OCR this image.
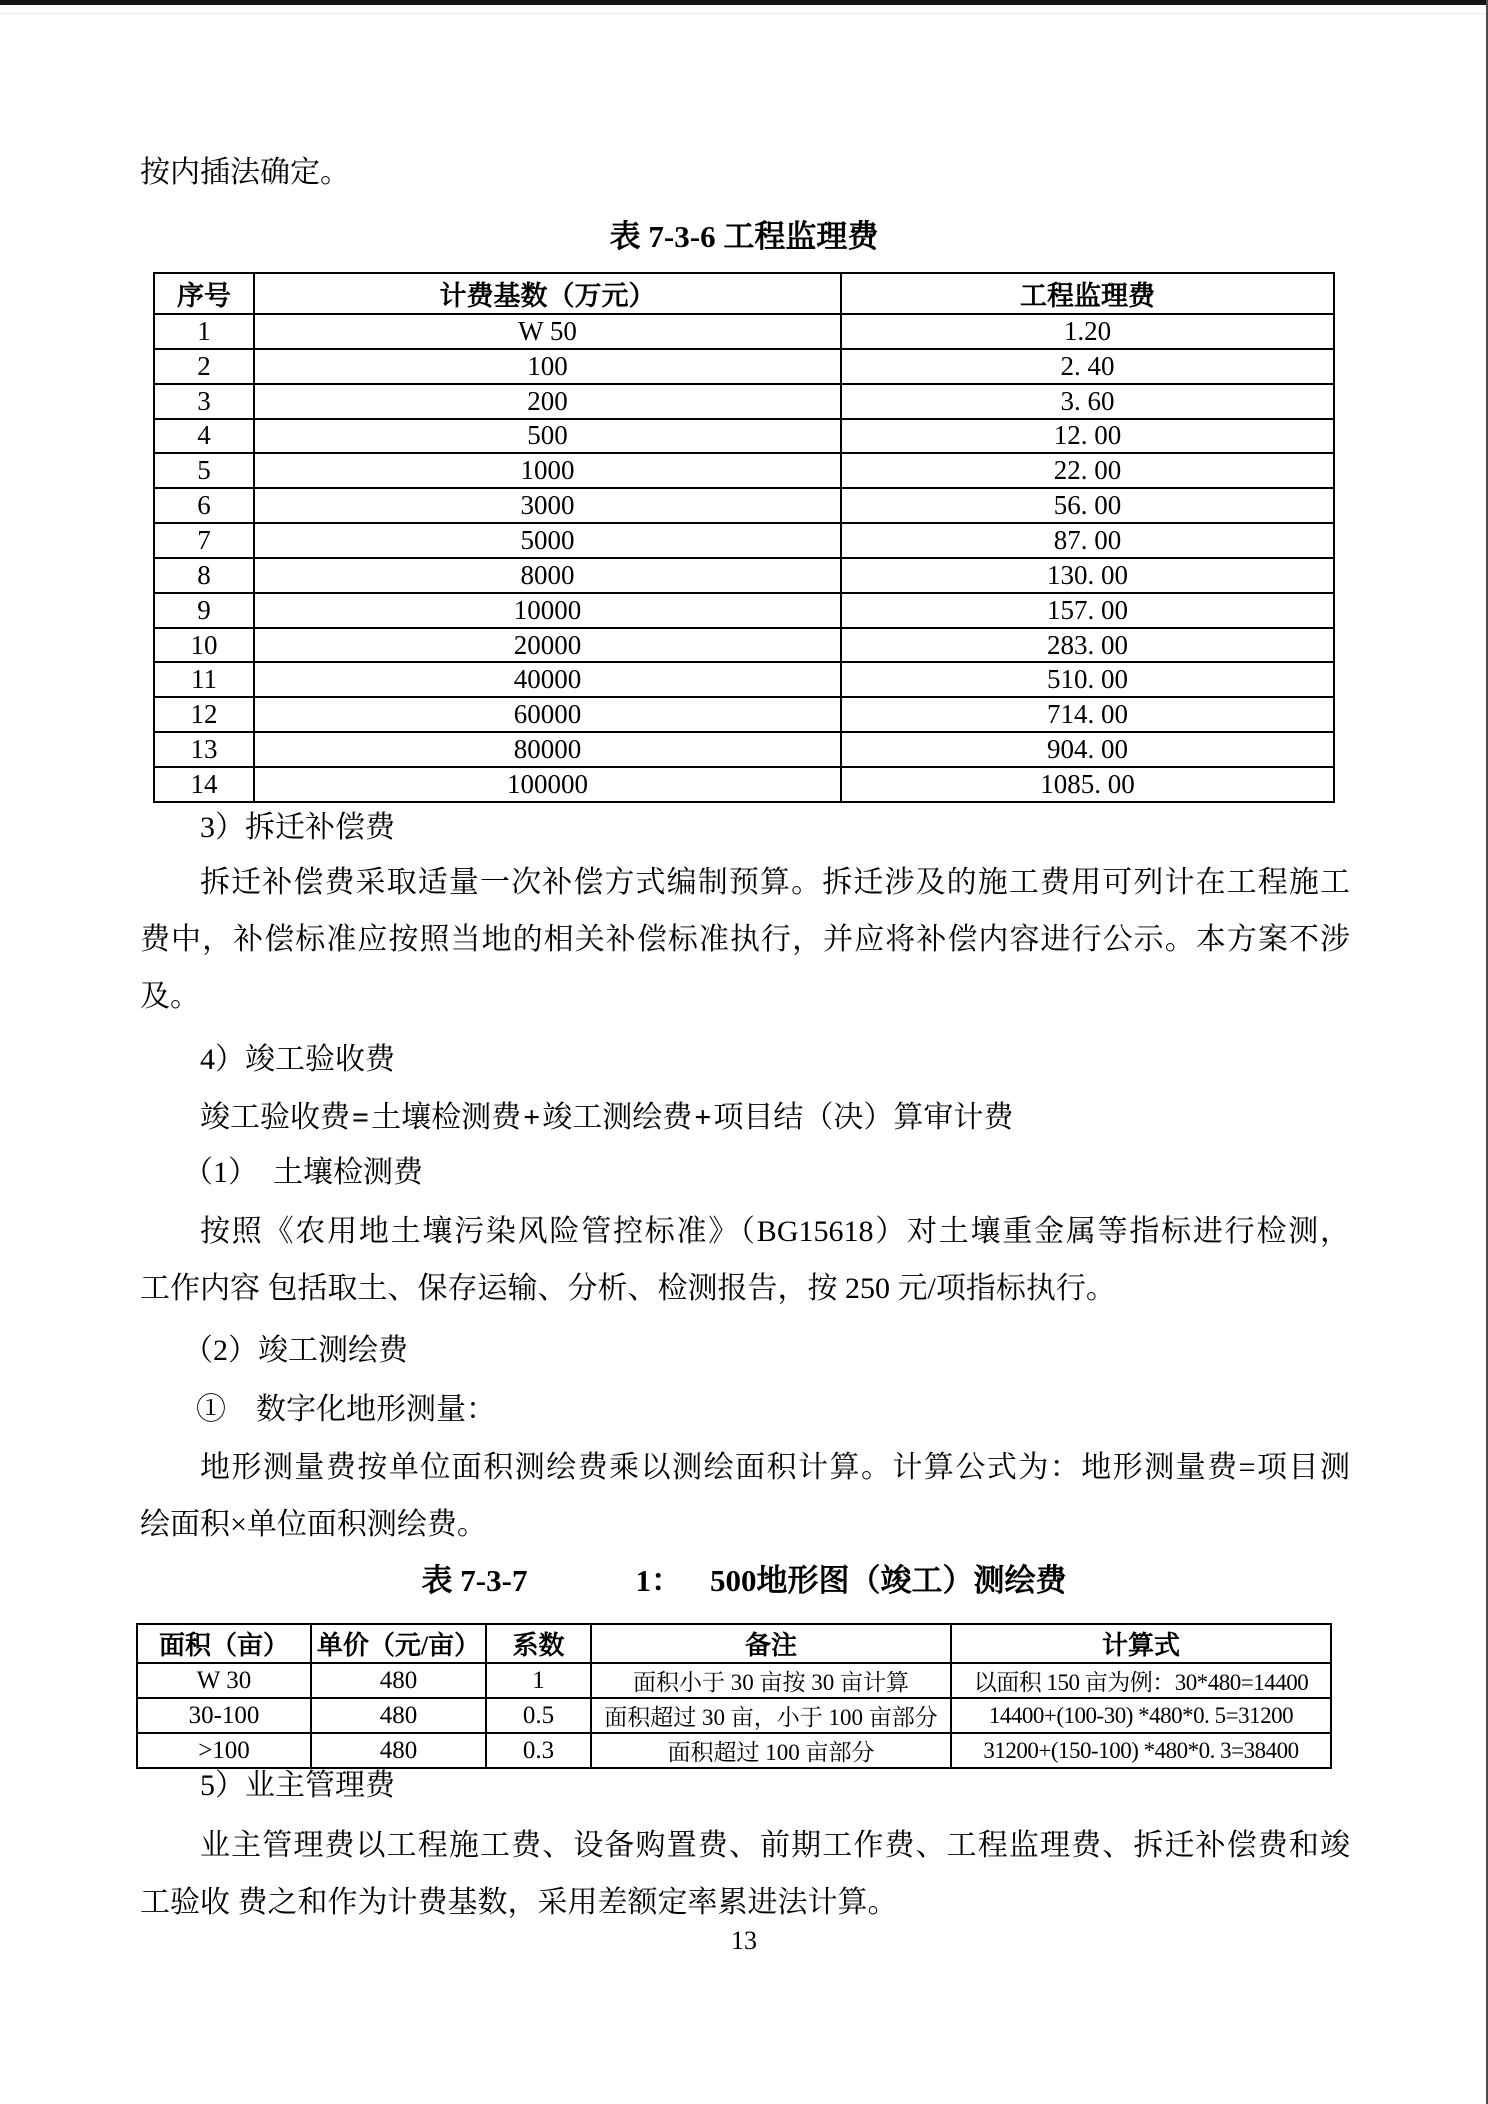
按内插法确定。
表 7-3-6 工程监理费
序号	计费基数（万元）	工程监理费
1	W 50	1.20
2	100	2. 40
3	200	3. 60
4	500	12. 00
5	1000	22. 00
6	3000	56. 00
7	5000	87. 00
8	8000	130. 00
9	10000	157. 00
10	20000	283. 00
11	40000	510. 00
12	60000	714. 00
13	80000	904. 00
14	100000	1085. 00
3）拆迁补偿费
拆迁补偿费采取适量一次补偿方式编制预算。拆迁涉及的施工费用可列计在工程施工
费中，补偿标准应按照当地的相关补偿标准执行，并应将补偿内容进行公示。本方案不涉
及。
4）竣工验收费
竣工验收费=土壤检测费+竣工测绘费+项目结（决）算审计费
（1）　土壤检测费
按照《农用地土壤污染风险管控标准》（BG15618）对土壤重金属等指标进行检测，
工作内容 包括取土、保存运输、分析、检测报告，按 250 元/项指标执行。
（2）竣工测绘费
①　数字化地形测量：
地形测量费按单位面积测绘费乘以测绘面积计算。计算公式为：地形测量费=项目测
绘面积×单位面积测绘费。
表 7-3-7	1： 500地形图（竣工）测绘费
面积（亩）	单价（元/亩）	系数	备注	计算式
W 30	480	1	面积小于 30 亩按 30 亩计算	以面积 150 亩为例：30*480=14400
30-100	480	0.5	面积超过 30 亩，小于 100 亩部分	14400+(100-30) *480*0. 5=31200
>100	480	0.3	面积超过 100 亩部分	31200+(150-100) *480*0. 3=38400
5）业主管理费
业主管理费以工程施工费、设备购置费、前期工作费、工程监理费、拆迁补偿费和竣
工验收 费之和作为计费基数，采用差额定率累进法计算。
13
